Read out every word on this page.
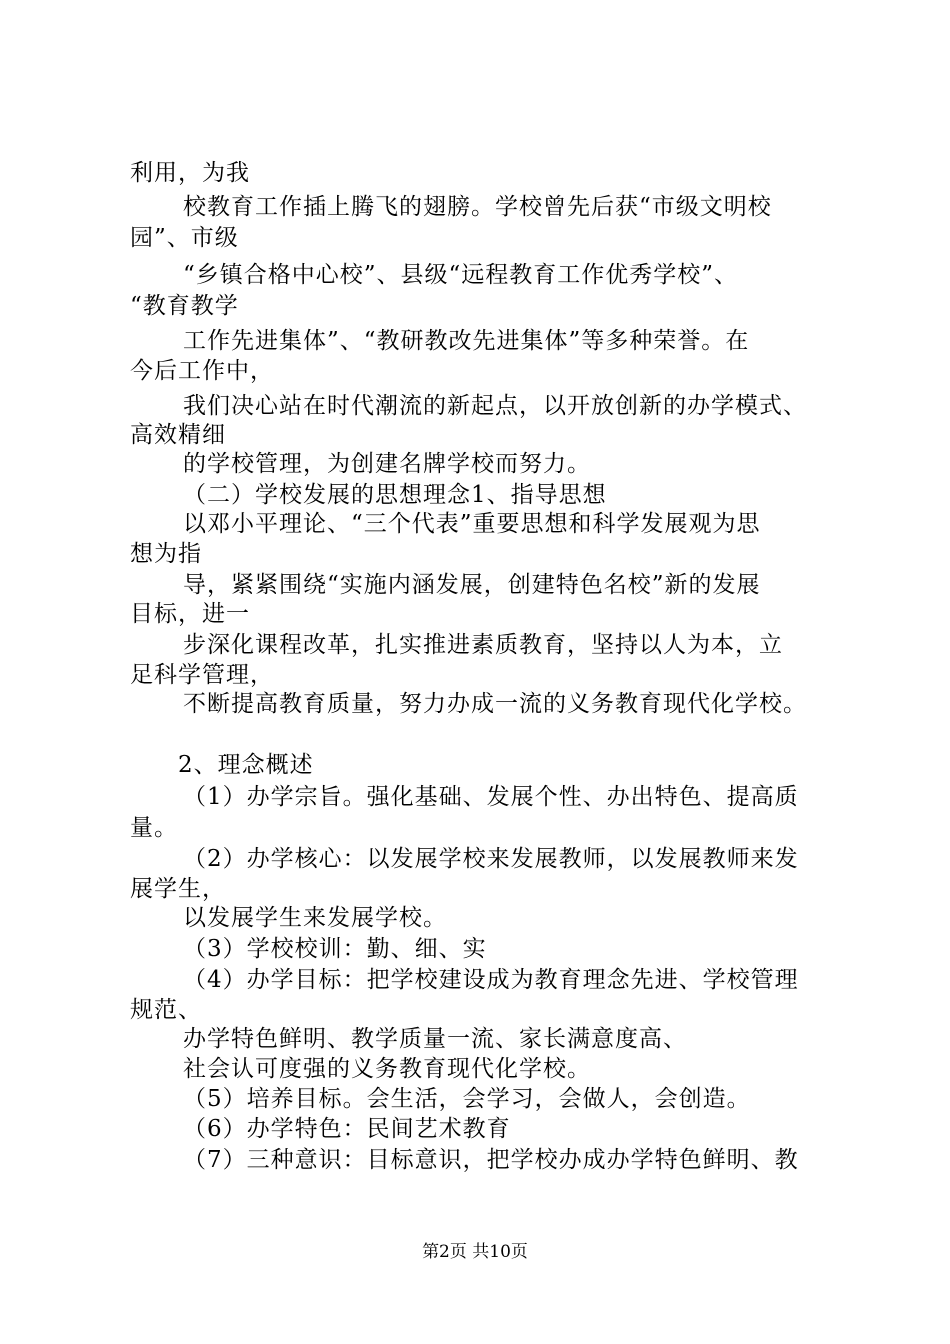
利用，为我
校教育工作插上腾飞的翅膀。学校曾先后获“市级文明校
园”、市级
“乡镇合格中心校”、县级“远程教育工作优秀学校”、
“教育教学
工作先进集体”、“教研教改先进集体”等多种荣誉。在
今后工作中，
我们决心站在时代潮流的新起点，以开放创新的办学模式、
高效精细
的学校管理，为创建名牌学校而努力。
（二）学校发展的思想理念1、指导思想
以邓小平理论、“三个代表”重要思想和科学发展观为思
想为指
导，紧紧围绕“实施内涵发展，创建特色名校”新的发展
目标，进一
步深化课程改革，扎实推进素质教育，坚持以人为本，立
足科学管理，
不断提高教育质量，努力办成一流的义务教育现代化学校。
2、理念概述
（1）办学宗旨。强化基础、发展个性、办出特色、提高质
量。
（2）办学核心：以发展学校来发展教师，以发展教师来发
展学生，
以发展学生来发展学校。
（3）学校校训：勤、细、实
（4）办学目标：把学校建设成为教育理念先进、学校管理
规范、
办学特色鲜明、教学质量一流、家长满意度高、
社会认可度强的义务教育现代化学校。
（5）培养目标。会生活，会学习，会做人，会创造。
（6）办学特色：民间艺术教育
（7）三种意识：目标意识，把学校办成办学特色鲜明、教
第2页 共10页
